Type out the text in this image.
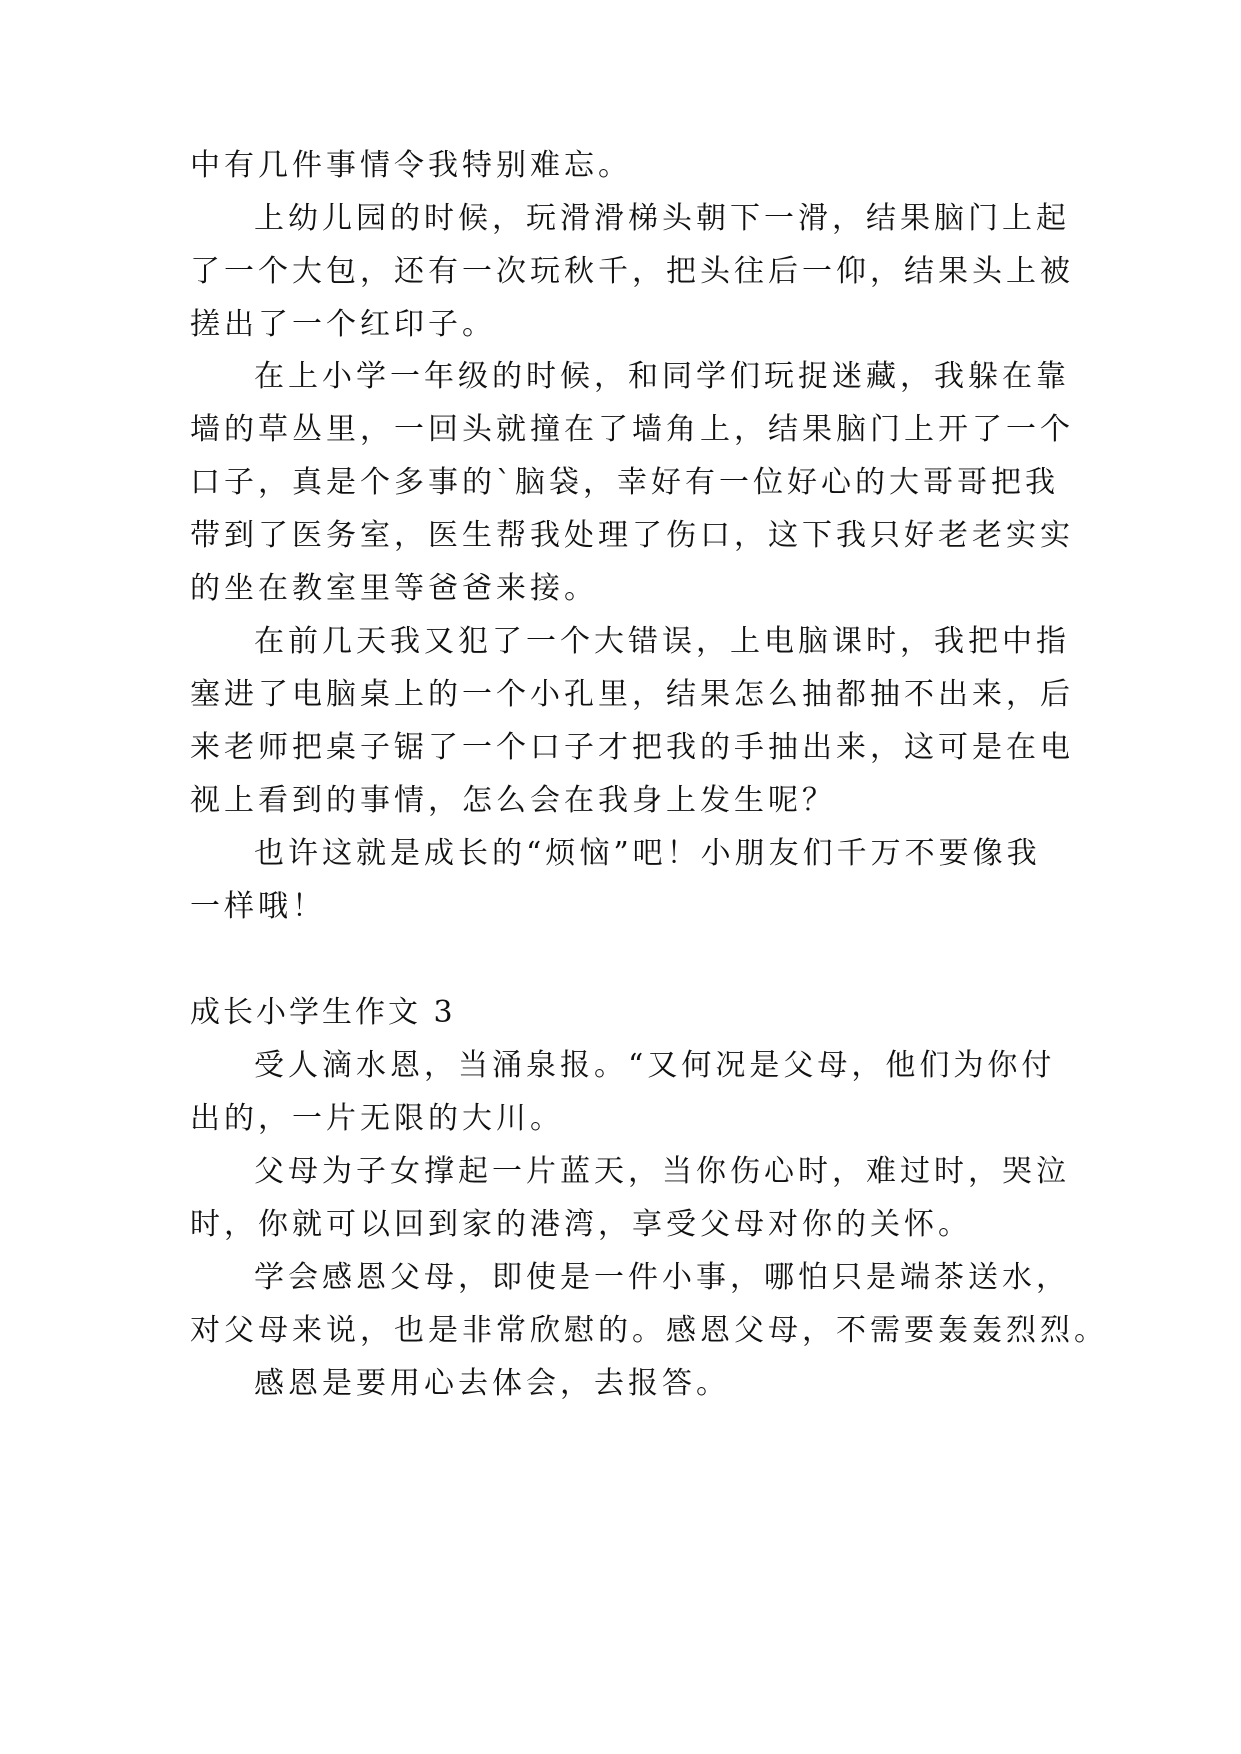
中有几件事情令我特别难忘。
上幼儿园的时候，玩滑滑梯头朝下一滑，结果脑门上起
了一个大包，还有一次玩秋千，把头往后一仰，结果头上被
搓出了一个红印子。
在上小学一年级的时候，和同学们玩捉迷藏，我躲在靠
墙的草丛里，一回头就撞在了墙角上，结果脑门上开了一个
口子，真是个多事的`脑袋，幸好有一位好心的大哥哥把我
带到了医务室，医生帮我处理了伤口，这下我只好老老实实
的坐在教室里等爸爸来接。
在前几天我又犯了一个大错误，上电脑课时，我把中指
塞进了电脑桌上的一个小孔里，结果怎么抽都抽不出来，后
来老师把桌子锯了一个口子才把我的手抽出来，这可是在电
视上看到的事情，怎么会在我身上发生呢？
也许这就是成长的“烦恼”吧！小朋友们千万不要像我
一样哦！
成长小学生作文 3
受人滴水恩，当涌泉报。“又何况是父母，他们为你付
出的，一片无限的大川。
父母为子女撑起一片蓝天，当你伤心时，难过时，哭泣
时，你就可以回到家的港湾，享受父母对你的关怀。
学会感恩父母，即使是一件小事，哪怕只是端茶送水，
对父母来说，也是非常欣慰的。感恩父母，不需要轰轰烈烈。
感恩是要用心去体会，去报答。
